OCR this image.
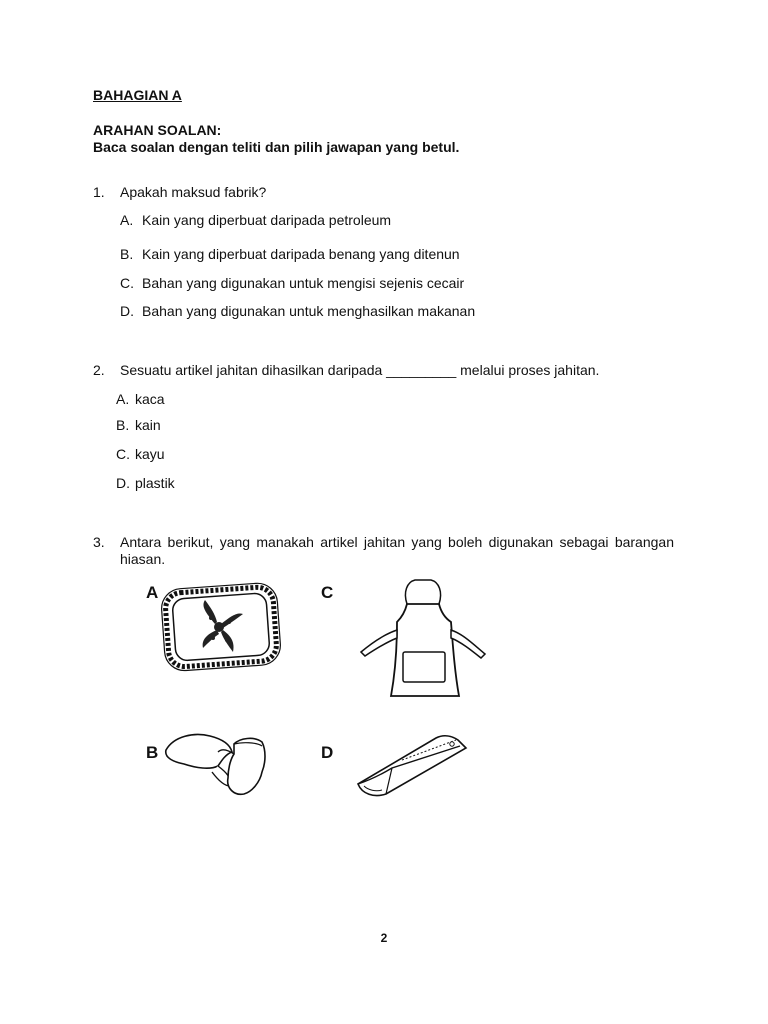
BAHAGIAN A
ARAHAN SOALAN:
Baca soalan dengan teliti dan pilih jawapan yang betul.
1. Apakah maksud fabrik?
A. Kain yang diperbuat daripada petroleum
B. Kain yang diperbuat daripada benang yang ditenun
C. Bahan yang digunakan untuk mengisi sejenis cecair
D. Bahan yang digunakan untuk menghasilkan makanan
2. Sesuatu artikel jahitan dihasilkan daripada _________ melalui proses jahitan.
A. kaca
B. kain
C. kayu
D. plastik
3. Antara berikut, yang manakah artikel jahitan yang boleh digunakan sebagai barangan hiasan.
A	C
B	D
2
